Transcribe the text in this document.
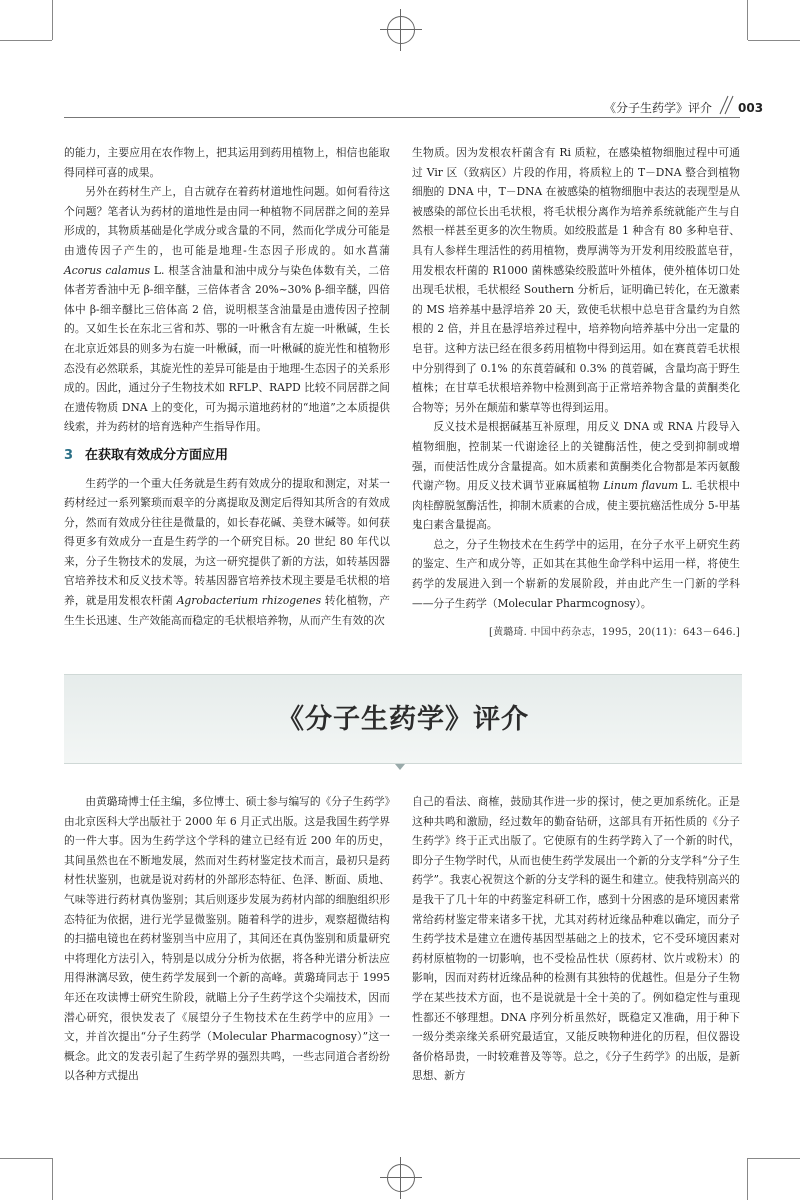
《分子生药学》评介 003

的能力，主要应用在农作物上，把其运用到药用植物上，相信也能取得同样可喜的成果。

另外在药材生产上，自古就存在着药材道地性问题。如何看待这个问题？笔者认为药材的道地性是由同一种植物不同居群之间的差异形成的，其物质基础是化学成分或含量的不同，然而化学成分可能是由遗传因子产生的，也可能是地理-生态因子形成的。如水菖蒲 Acorus calamus L. 根茎含油量和油中成分与染色体数有关，二倍体者芳香油中无 β-细辛醚，三倍体者含 20%~30% β-细辛醚，四倍体中 β-细辛醚比三倍体高 2 倍，说明根茎含油量是由遗传因子控制的。又如生长在东北三省和苏、鄂的一叶楸含有左旋一叶楸碱，生长在北京近郊县的则多为右旋一叶楸碱，而一叶楸碱的旋光性和植物形态没有必然联系，其旋光性的差异可能是由于地理-生态因子的关系形成的。因此，通过分子生物技术如 RFLP、RAPD 比较不同居群之间在遗传物质 DNA 上的变化，可为揭示道地药材的“地道”之本质提供线索，并为药材的培育选种产生指导作用。

3 在获取有效成分方面应用

生药学的一个重大任务就是生药有效成分的提取和测定，对某一药材经过一系列繁琐而艰辛的分离提取及测定后得知其所含的有效成分，然而有效成分往往是微量的，如长春花碱、美登木碱等。如何获得更多有效成分一直是生药学的一个研究目标。20 世纪 80 年代以来，分子生物技术的发展，为这一研究提供了新的方法，如转基因器官培养技术和反义技术等。转基因器官培养技术现主要是毛状根的培养，就是用发根农杆菌 Agrobacterium rhizogenes 转化植物，产生生长迅速、生产效能高而稳定的毛状根培养物，从而产生有效的次

生物质。因为发根农杆菌含有 Ri 质粒，在感染植物细胞过程中可通过 Vir 区（致病区）片段的作用，将质粒上的 T－DNA 整合到植物细胞的 DNA 中，T－DNA 在被感染的植物细胞中表达的表现型是从被感染的部位长出毛状根，将毛状根分离作为培养系统就能产生与自然根一样甚至更多的次生物质。如绞股蓝是 1 种含有 80 多种皂苷、具有人参样生理活性的药用植物，费厚满等为开发利用绞股蓝皂苷，用发根农杆菌的 R1000 菌株感染绞股蓝叶外植体，使外植体切口处出现毛状根，毛状根经 Southern 分析后，证明确已转化，在无激素的 MS 培养基中悬浮培养 20 天，致使毛状根中总皂苷含量约为自然根的 2 倍，并且在悬浮培养过程中，培养物向培养基中分出一定量的皂苷。这种方法已经在很多药用植物中得到运用。如在赛莨菪毛状根中分别得到了 0.1% 的东莨菪碱和 0.3% 的莨菪碱，含量均高于野生植株；在甘草毛状根培养物中检测到高于正常培养物含量的黄酮类化合物等；另外在颠茄和紫草等也得到运用。

反义技术是根据碱基互补原理，用反义 DNA 或 RNA 片段导入植物细胞，控制某一代谢途径上的关键酶活性，使之受到抑制或增强，而使活性成分含量提高。如木质素和黄酮类化合物都是苯丙氨酸代谢产物。用反义技术调节亚麻属植物 Linum flavum L. 毛状根中肉桂醇脱氢酶活性，抑制木质素的合成，使主要抗癌活性成分 5-甲基鬼臼素含量提高。

总之，分子生物技术在生药学中的运用，在分子水平上研究生药的鉴定、生产和成分等，正如其在其他生命学科中运用一样，将使生药学的发展进入到一个崭新的发展阶段，并由此产生一门新的学科——分子生药学（Molecular Pharmcognosy）。

[黄璐琦. 中国中药杂志，1995，20(11)：643－646.]

《分子生药学》评介

由黄璐琦博士任主编，多位博士、硕士参与编写的《分子生药学》由北京医科大学出版社于 2000 年 6 月正式出版。这是我国生药学界的一件大事。因为生药学这个学科的建立已经有近 200 年的历史，其间虽然也在不断地发展，然而对生药材鉴定技术而言，最初只是药材性状鉴别，也就是说对药材的外部形态特征、色泽、断面、质地、气味等进行药材真伪鉴别；其后则逐步发展为药材内部的细胞组织形态特征为依据，进行光学显微鉴别。随着科学的进步，观察超微结构的扫描电镜也在药材鉴别当中应用了，其间还在真伪鉴别和质量研究中将理化方法引入，特别是以成分分析为依据，将各种光谱分析法应用得淋漓尽致，使生药学发展到一个新的高峰。黄璐琦同志于 1995 年还在攻读博士研究生阶段，就瞄上分子生药学这个尖端技术，因而潜心研究，很快发表了《展望分子生物技术在生药学中的应用》一文，并首次提出“分子生药学（Molecular Pharmacognosy）”这一概念。此文的发表引起了生药学界的强烈共鸣，一些志同道合者纷纷以各种方式提出

自己的看法、商榷，鼓励其作进一步的探讨，使之更加系统化。正是这种共鸣和激励，经过数年的勤奋钻研，这部具有开拓性质的《分子生药学》终于正式出版了。它使原有的生药学跨入了一个新的时代，即分子生物学时代，从而也使生药学发展出一个新的分支学科“分子生药学”。我衷心祝贺这个新的分支学科的诞生和建立。使我特别高兴的是我干了几十年的中药鉴定科研工作，感到十分困惑的是环境因素常常给药材鉴定带来诸多干扰，尤其对药材近缘品种难以确定，而分子生药学技术是建立在遗传基因型基础之上的技术，它不受环境因素对药材原植物的一切影响，也不受检品性状（原药材、饮片或粉末）的影响，因而对药材近缘品种的检测有其独特的优越性。但是分子生物学在某些技术方面，也不是说就是十全十美的了。例如稳定性与重现性都还不够理想。DNA 序列分析虽然好，既稳定又准确，用于种下一级分类亲缘关系研究最适宜，又能反映物种进化的历程，但仪器设备价格昂贵，一时较难普及等等。总之，《分子生药学》的出版，是新思想、新方
